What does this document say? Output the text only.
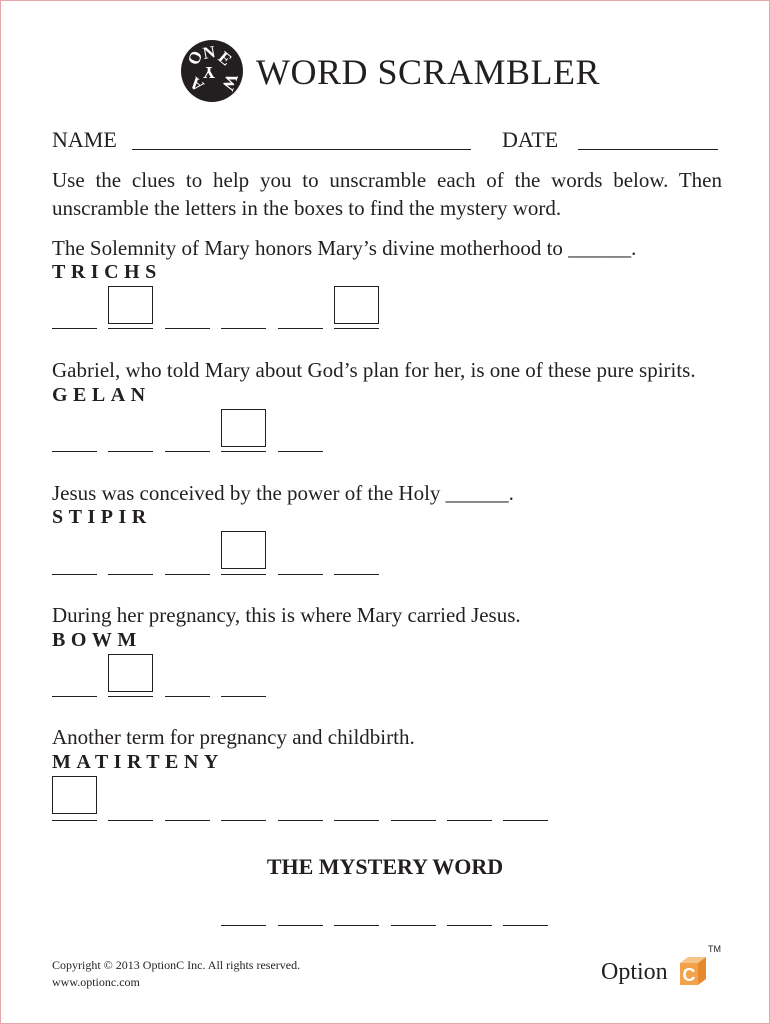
O
N
E
Y W
A WORD SCRAMBLER
NAME	DATE
Use the clues to help you to unscramble each of the words below. Then unscramble the letters in the boxes to find the mystery word.
The Solemnity of Mary honors Mary’s divine motherhood to ______.
TRICHS
Gabriel, who told Mary about God’s plan for her, is one of these pure spirits.
GELAN
Jesus was conceived by the power of the Holy ______.
STIPIR
During her pregnancy, this is where Mary carried Jesus.
BOWM
Another term for pregnancy and childbirth.
MATIRTENY
THE MYSTERY WORD
Copyright © 2013 OptionC Inc. All rights reserved.
www.optionc.com	Option C
TM
